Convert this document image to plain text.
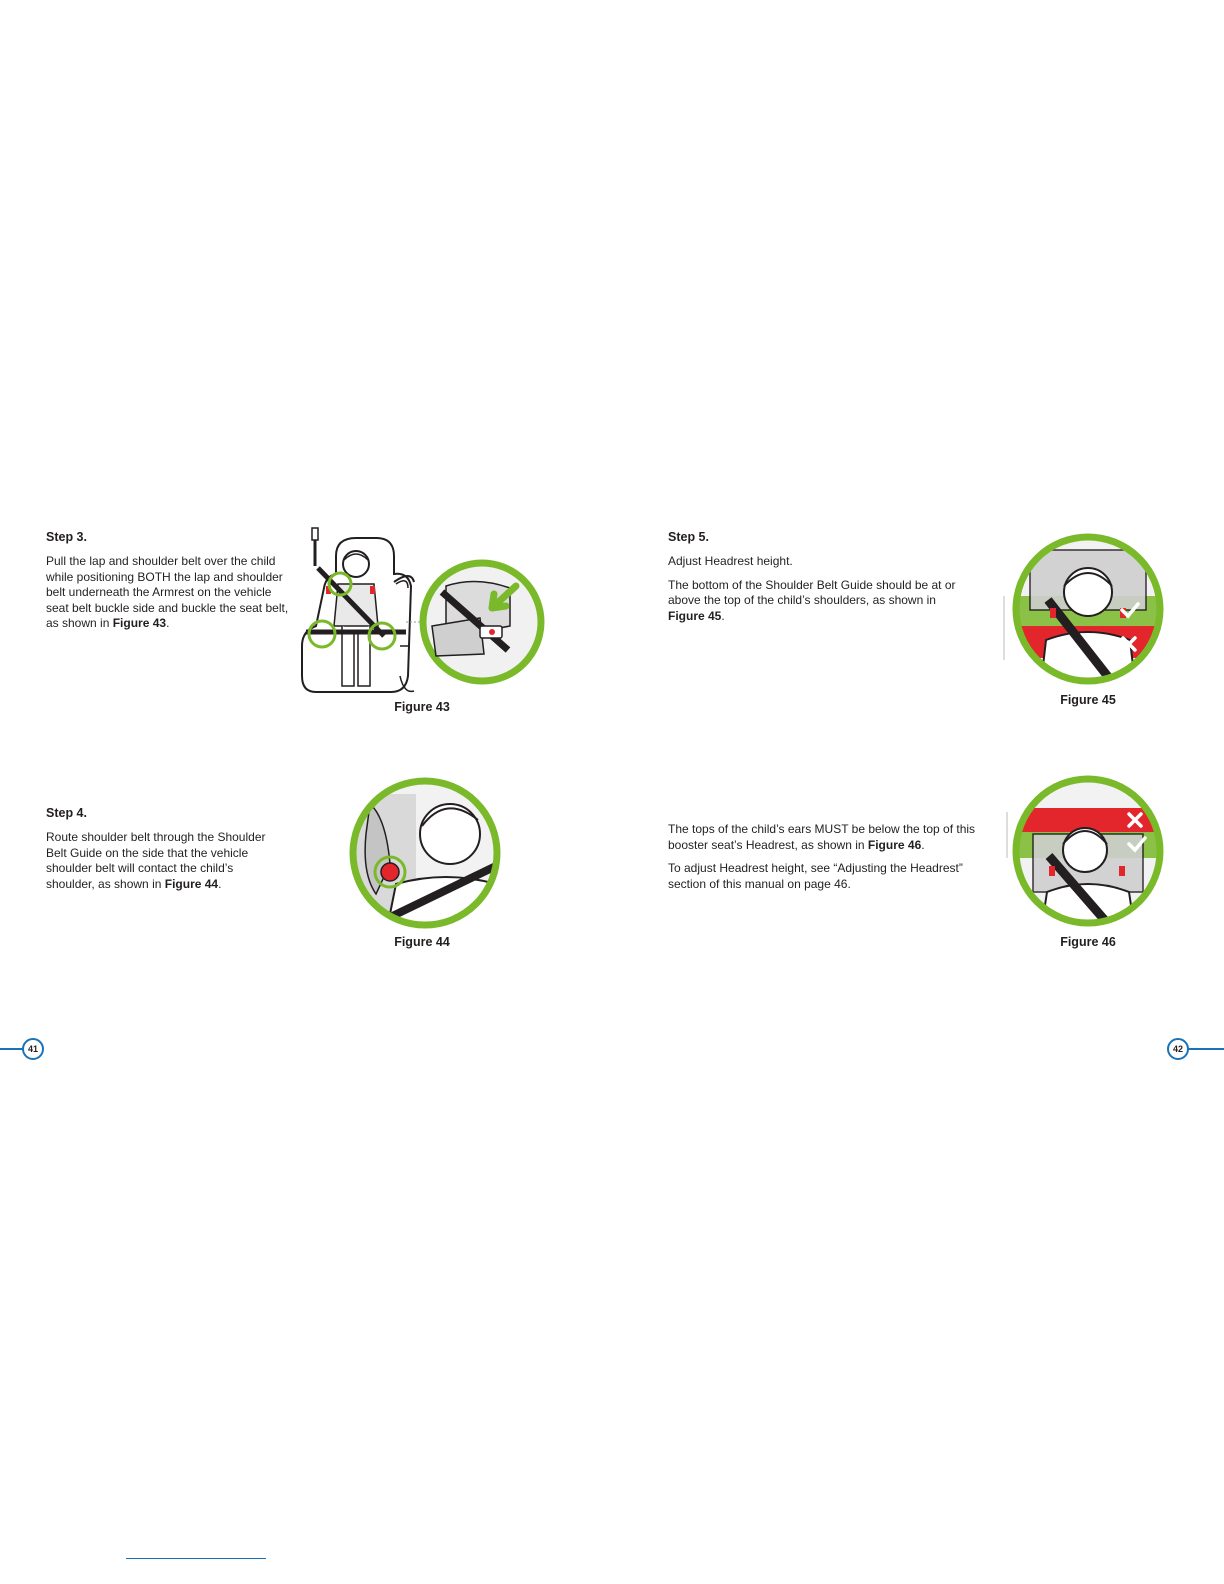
Step 3.

Pull the lap and shoulder belt over the child while positioning BOTH the lap and shoulder belt underneath the Armrest on the vehicle seat belt buckle side and buckle the seat belt, as shown in Figure 43.

Figure 43

Step 4.

Route shoulder belt through the Shoulder Belt Guide on the side that the vehicle shoulder belt will contact the child’s shoulder, as shown in Figure 44.

Figure 44
41

Step 5.

Adjust Headrest height.

The bottom of the Shoulder Belt Guide should be at or above the top of the child’s shoulders, as shown in Figure 45.

Figure 45

The tops of the child’s ears MUST be below the top of this booster seat’s Headrest, as shown in Figure 46.

To adjust Headrest height, see “Adjusting the Headrest” section of this manual on page 46.

Figure 46
42
